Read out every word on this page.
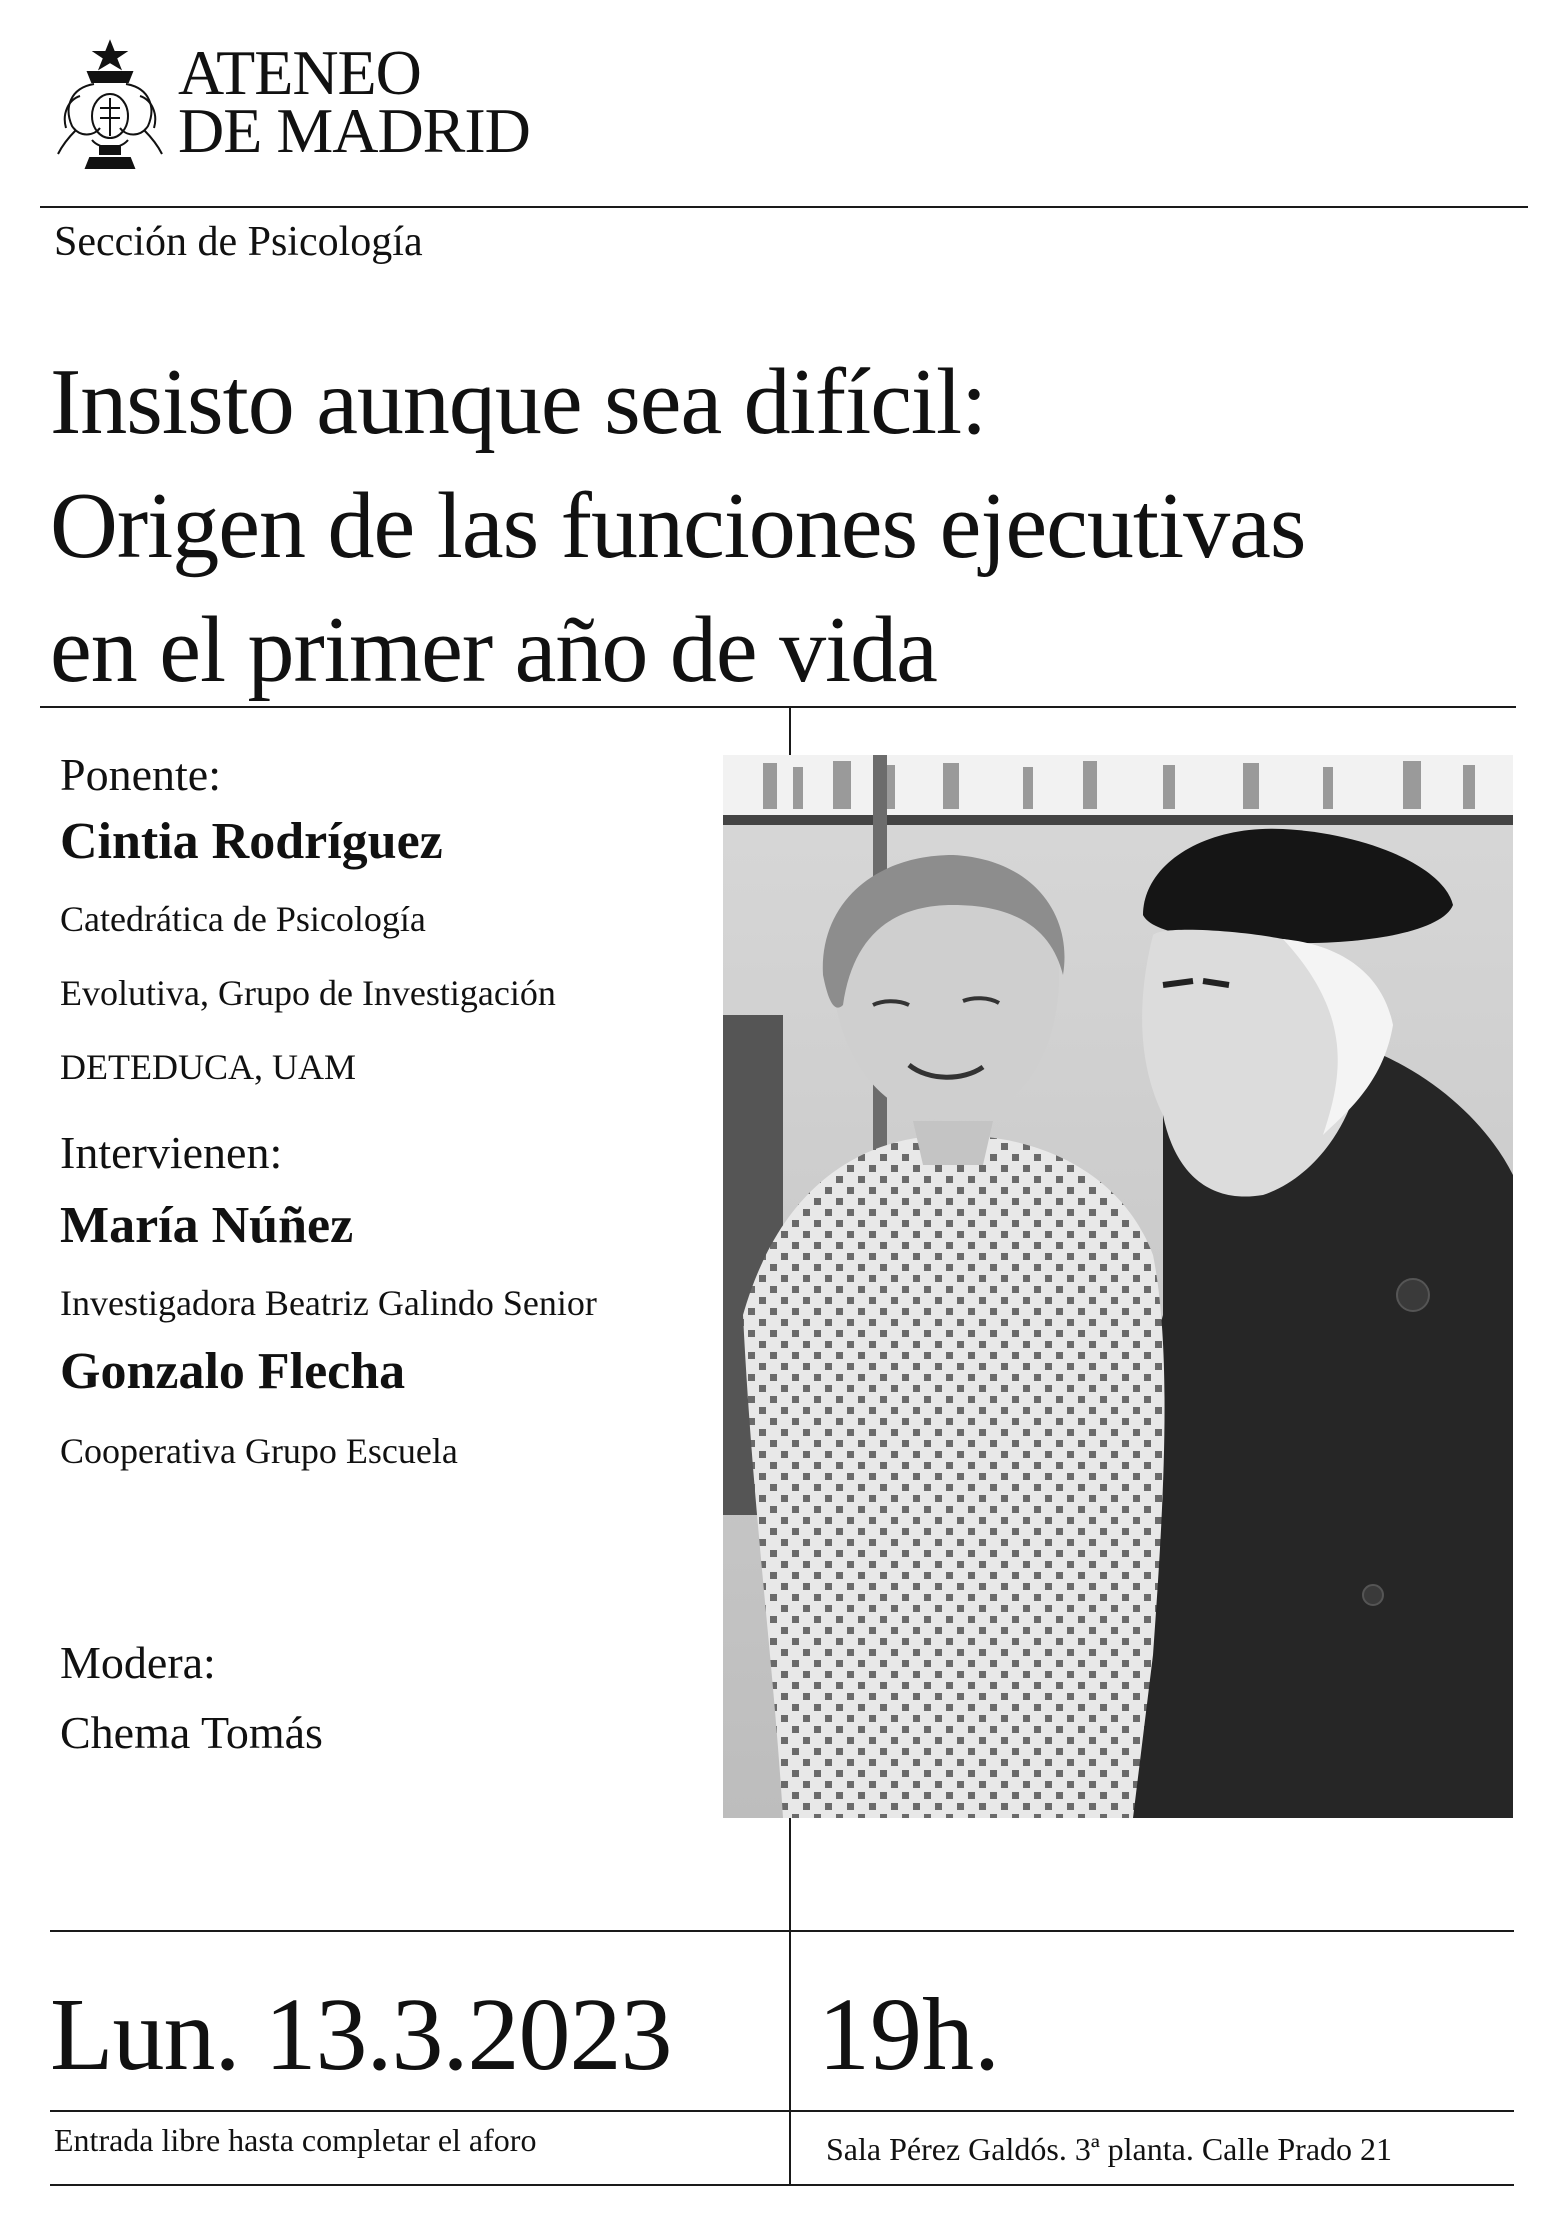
ATENEO
DE MADRID
Sección de Psicología
Insisto aunque sea difícil:
Origen de las funciones ejecutivas
en el primer año de vida
Ponente:
Cintia Rodríguez
Catedrática de Psicología
Evolutiva, Grupo de Investigación
DETEDUCA, UAM
Intervienen:
María Núñez
Investigadora Beatriz Galindo Senior
Gonzalo Flecha
Cooperativa Grupo Escuela
Modera:
Chema Tomás
Lun. 13.3.2023 19h.
Entrada libre hasta completar el aforo	Sala Pérez Galdós. 3ª planta. Calle Prado 21
